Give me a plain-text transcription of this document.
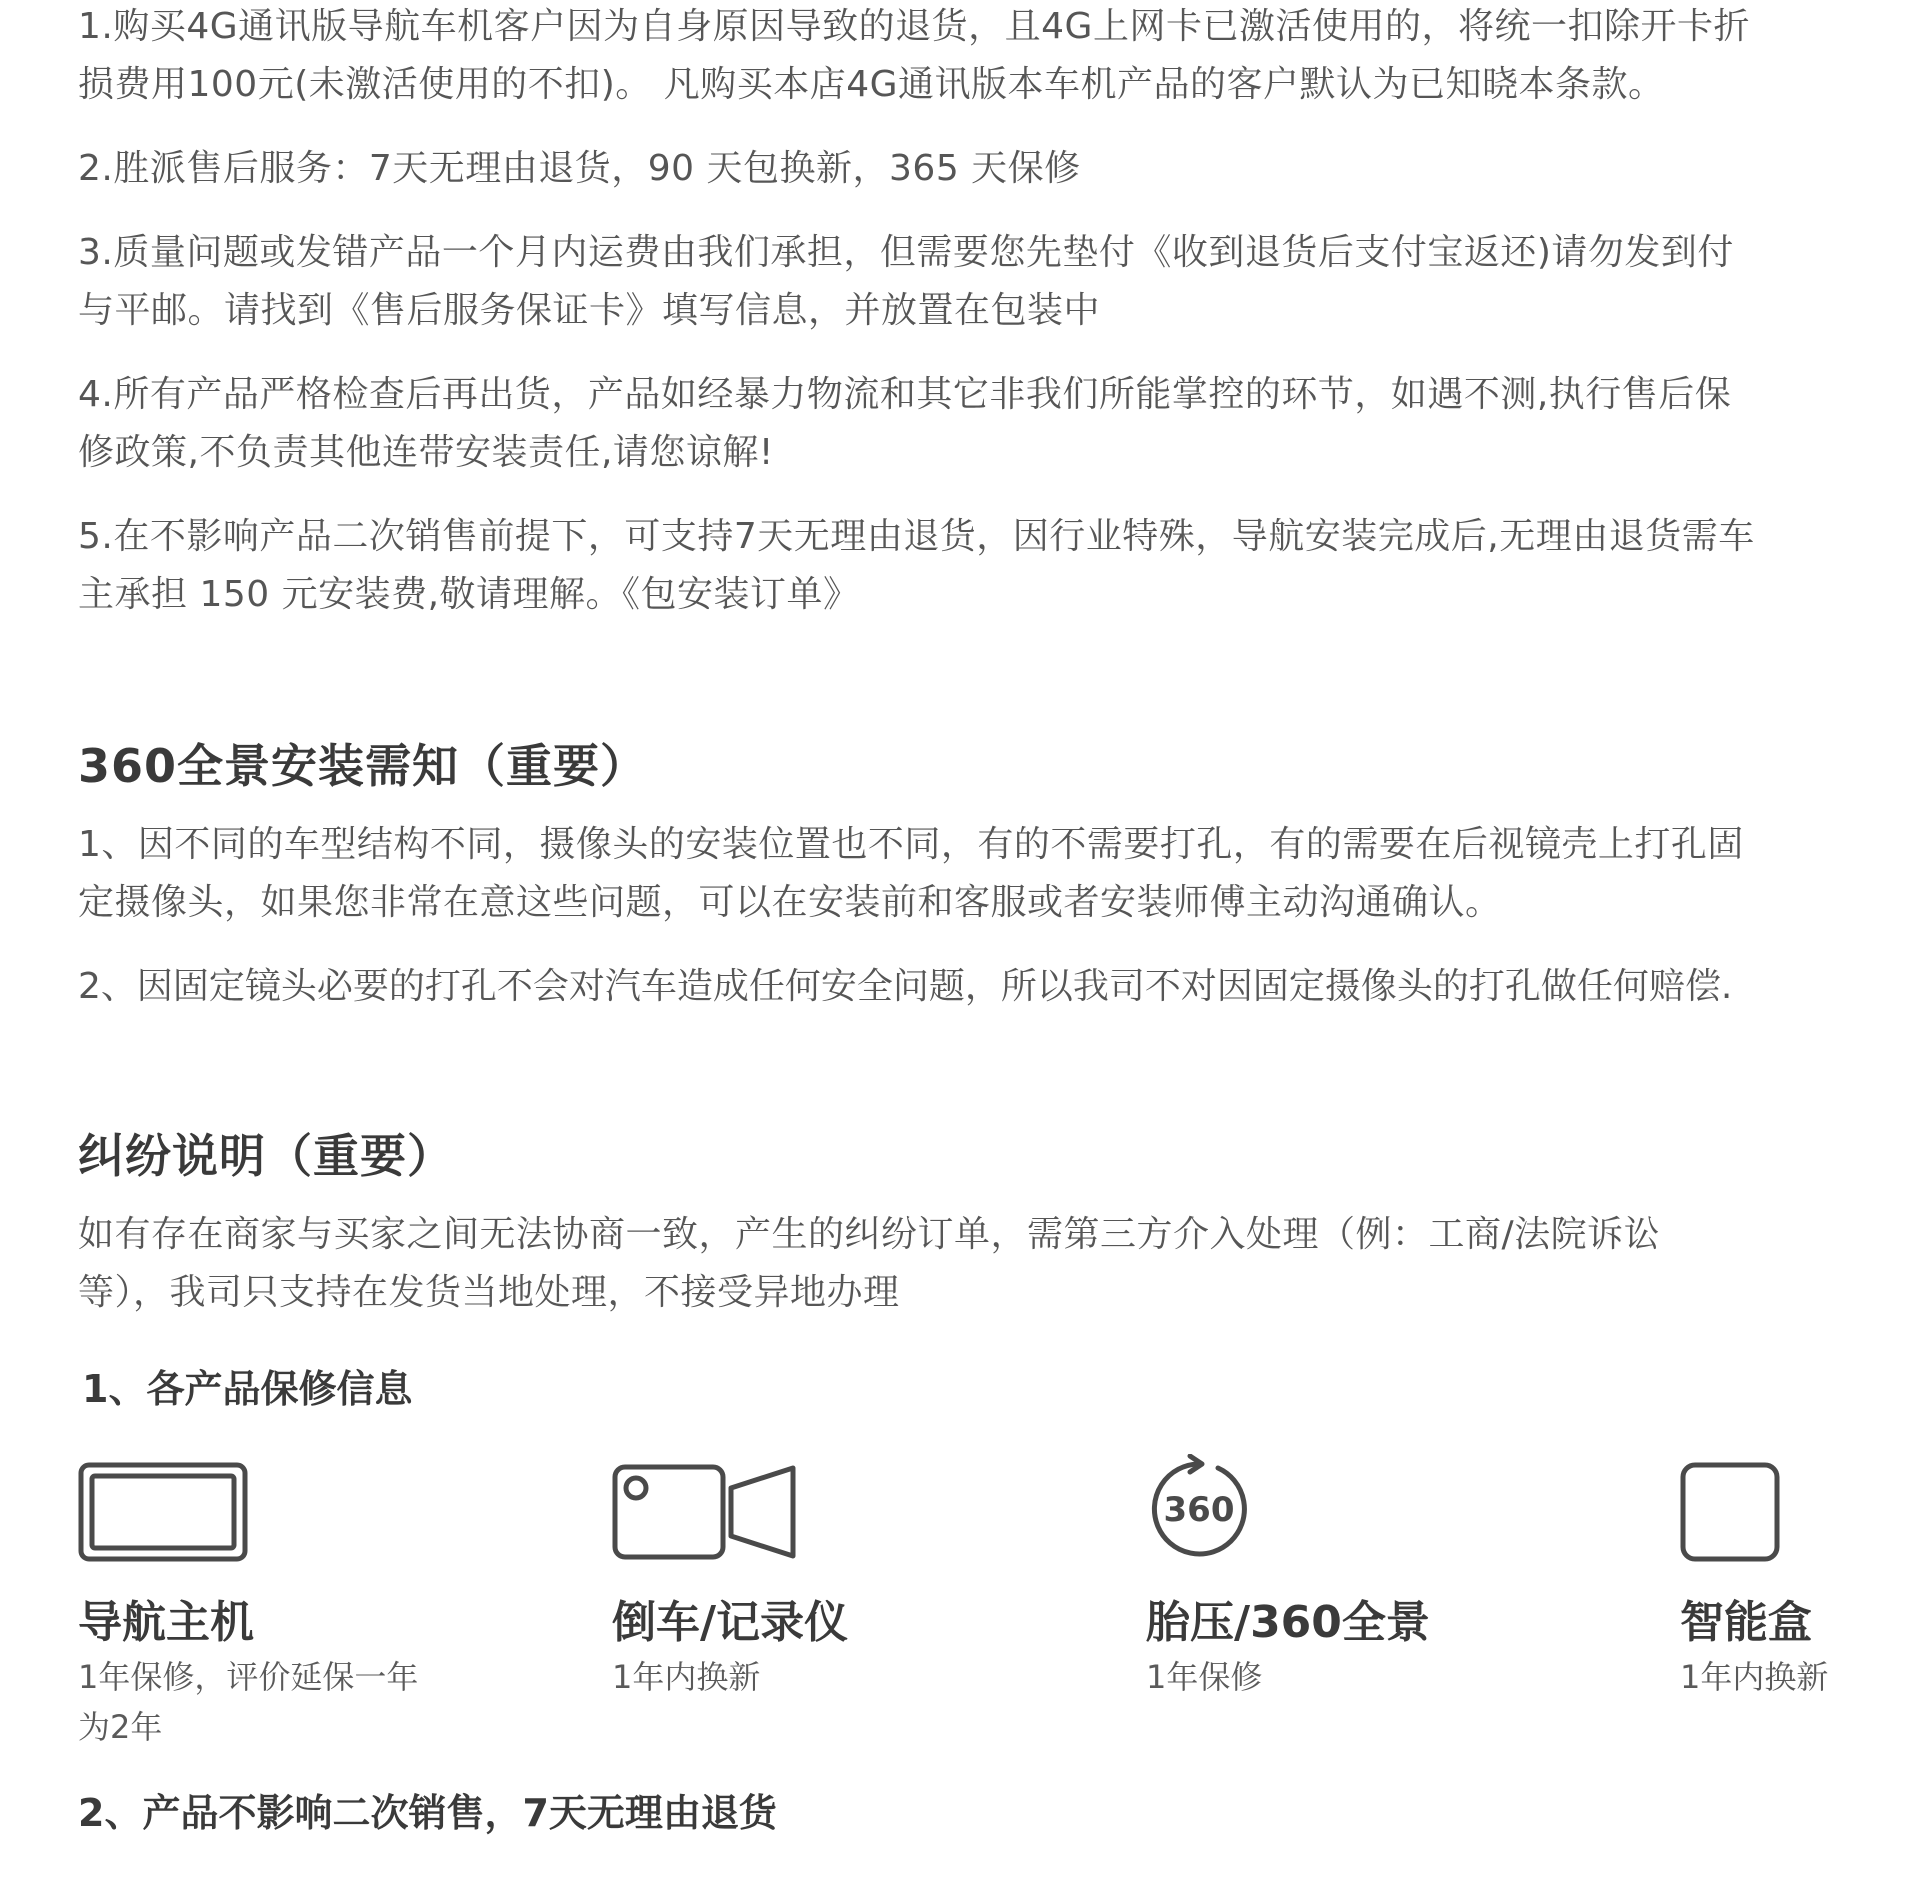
1.购买4G通讯版导航车机客户因为自身原因导致的退货，且4G上网卡已激活使用的，将统一扣除开卡折

损费用100元(未激活使用的不扣)。 凡购买本店4G通讯版本车机产品的客户默认为已知晓本条款。

2.胜派售后服务：7天无理由退货，90 天包换新，365 天保修

3.质量问题或发错产品一个月内运费由我们承担，但需要您先垫付《收到退货后支付宝返还)请勿发到付

与平邮。请找到《售后服务保证卡》填写信息，并放置在包装中

4.所有产品严格检查后再出货，产品如经暴力物流和其它非我们所能掌控的环节，如遇不测,执行售后保

修政策,不负责其他连带安装责任,请您谅解!

5.在不影响产品二次销售前提下，可支持7天无理由退货，因行业特殊，导航安装完成后,无理由退货需车

主承担 150 元安装费,敬请理解。《包安装订单》

360全景安装需知（重要）

1、因不同的车型结构不同，摄像头的安装位置也不同，有的不需要打孔，有的需要在后视镜壳上打孔固

定摄像头，如果您非常在意这些问题，可以在安装前和客服或者安装师傅主动沟通确认。

2、因固定镜头必要的打孔不会对汽车造成任何安全问题，所以我司不对因固定摄像头的打孔做任何赔偿.

纠纷说明（重要）

如有存在商家与买家之间无法协商一致，产生的纠纷订单，需第三方介入处理（例：工商/法院诉讼

等），我司只支持在发货当地处理，不接受异地办理

1、各产品保修信息
导航主机
1年保修，评价延保一年
为2年
倒车/记录仪
1年内换新
360
胎压/360全景
1年保修
智能盒
1年内换新
2、产品不影响二次销售，7天无理由退货
